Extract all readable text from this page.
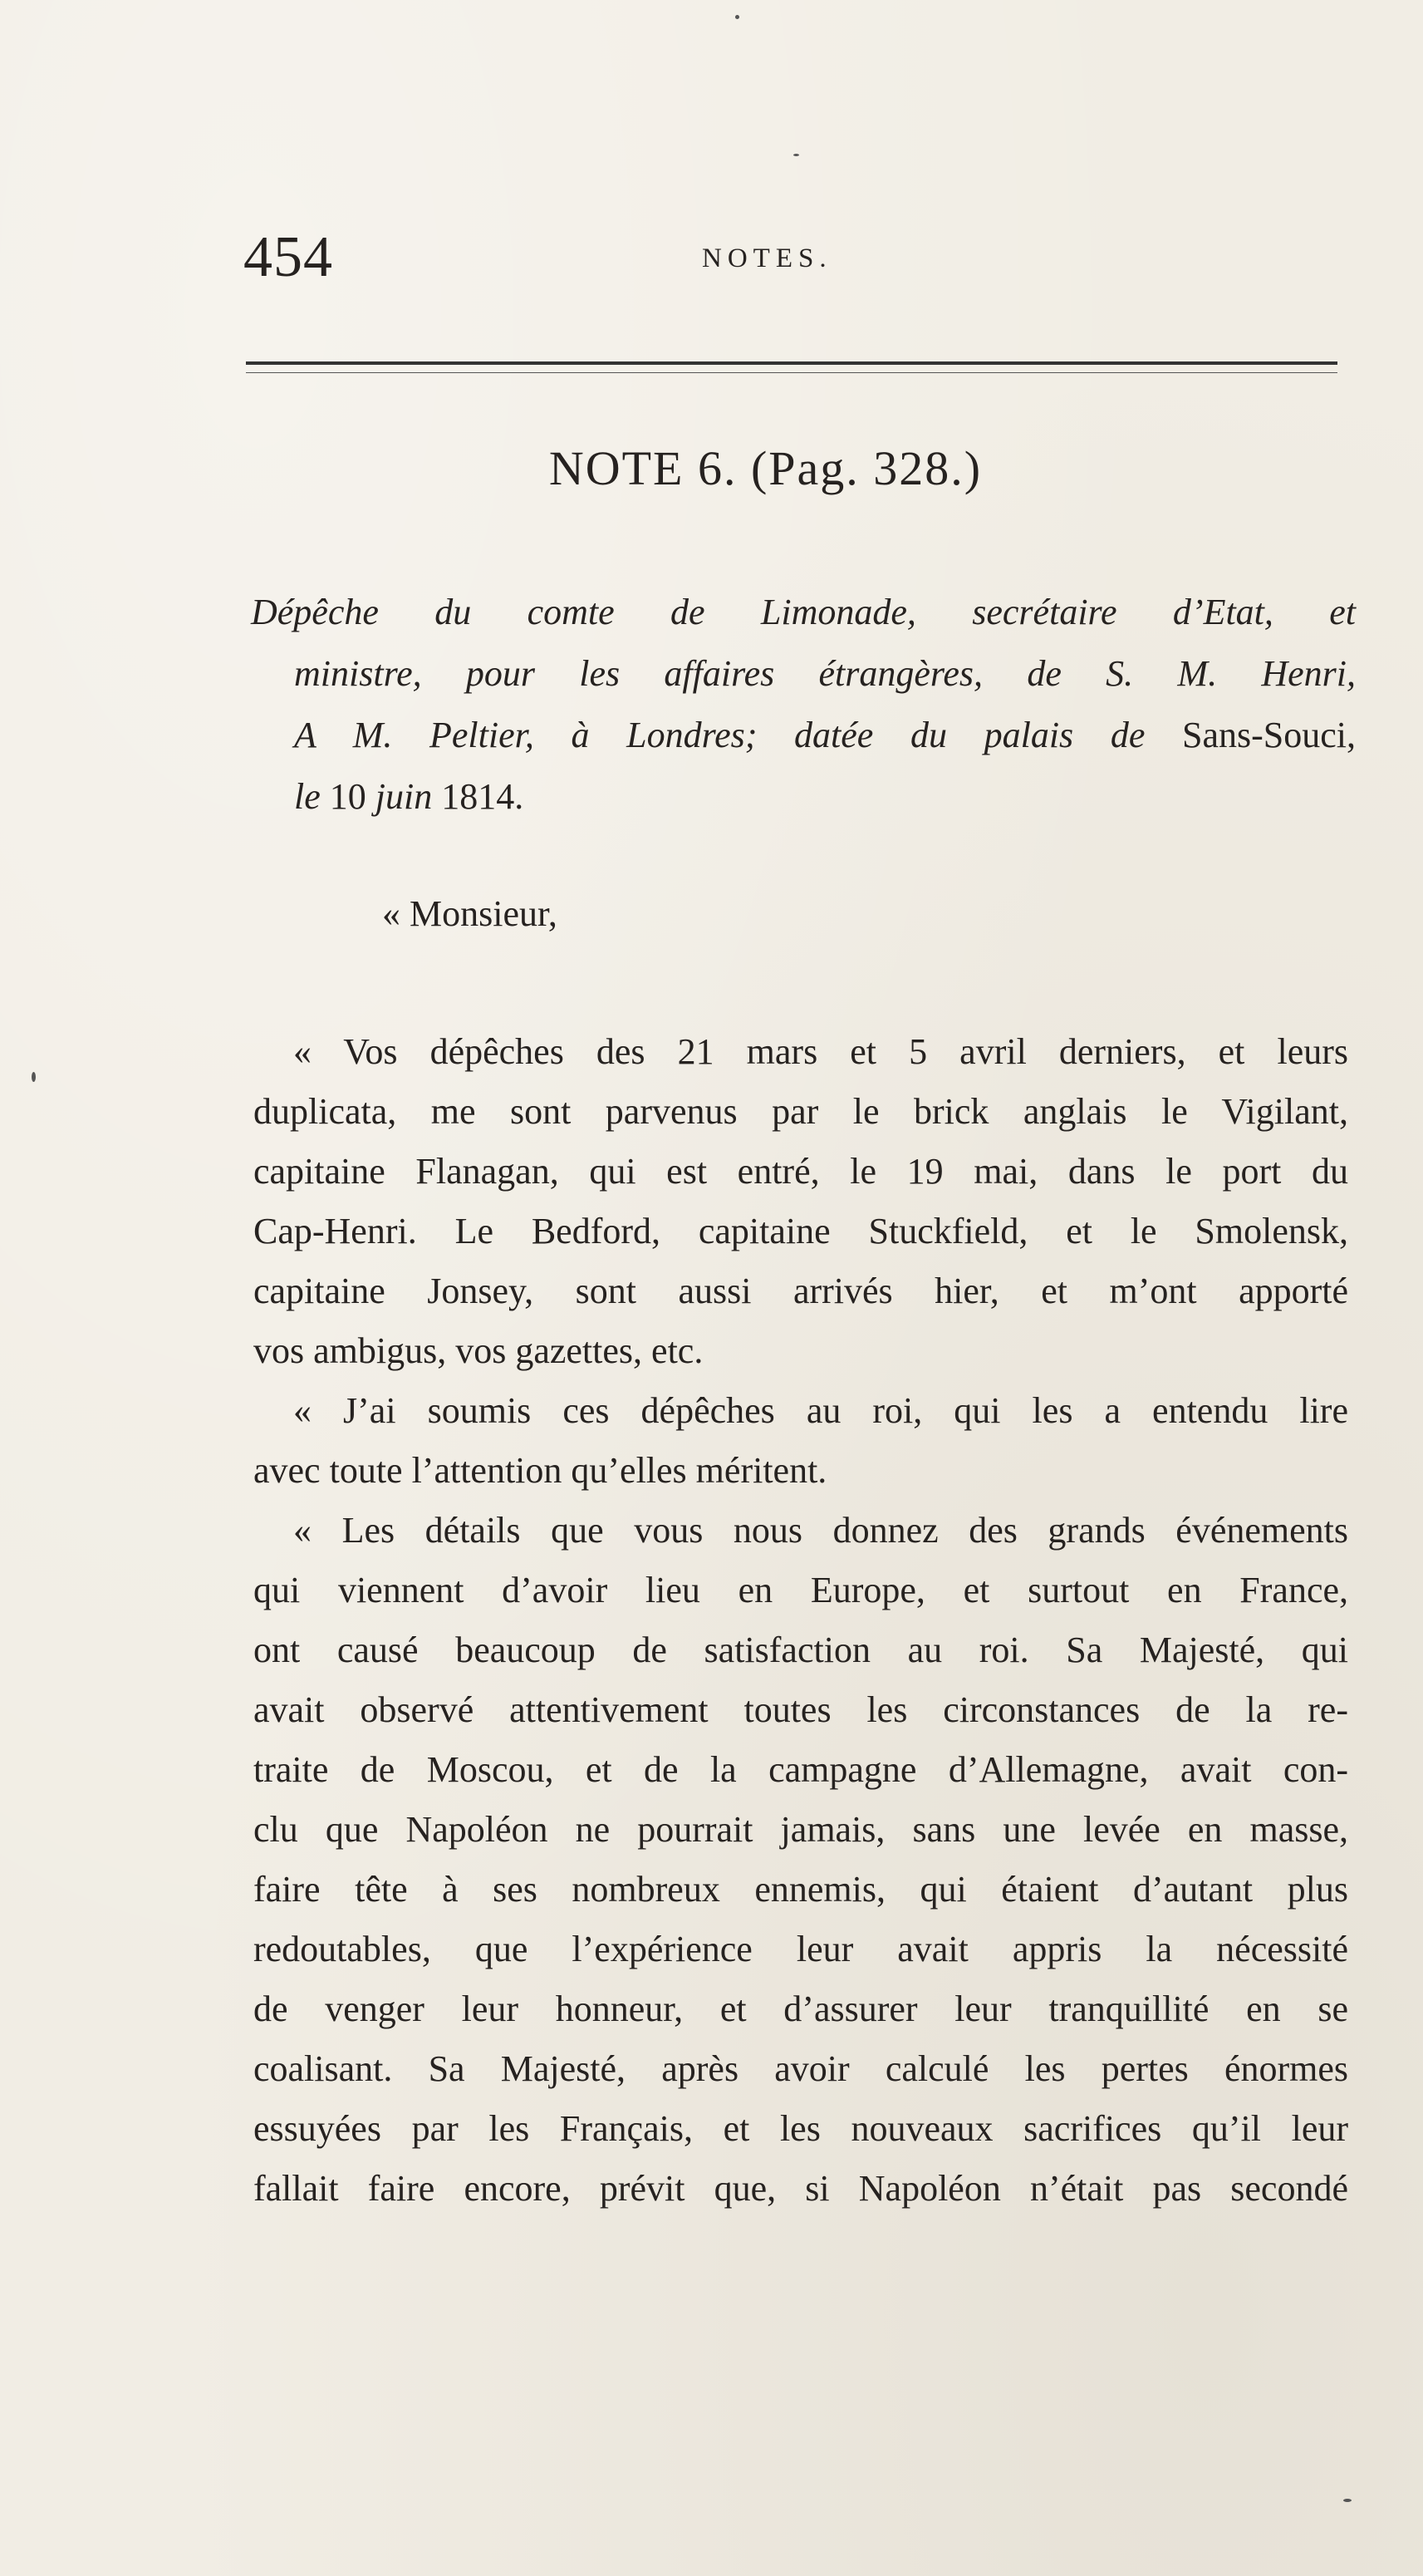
454	NOTES.
NOTE 6. (Pag. 328.)
Dépêche du comte de Limonade, secrétaire d’Etat, et
ministre, pour les affaires étrangères, de S. M. Henri,
A M. Peltier, à Londres; datée du palais de Sans-Souci,
le 10 juin 1814.
« Monsieur,
« Vos dépêches des 21 mars et 5 avril derniers, et leurs
duplicata, me sont parvenus par le brick anglais le Vigilant,
capitaine Flanagan, qui est entré, le 19 mai, dans le port du
Cap-Henri. Le Bedford, capitaine Stuckfield, et le Smolensk,
capitaine Jonsey, sont aussi arrivés hier, et m’ont apporté
vos ambigus, vos gazettes, etc.
« J’ai soumis ces dépêches au roi, qui les a entendu lire
avec toute l’attention qu’elles méritent.
« Les détails que vous nous donnez des grands événements
qui viennent d’avoir lieu en Europe, et surtout en France,
ont causé beaucoup de satisfaction au roi. Sa Majesté, qui
avait observé attentivement toutes les circonstances de la re-
traite de Moscou, et de la campagne d’Allemagne, avait con-
clu que Napoléon ne pourrait jamais, sans une levée en masse,
faire tête à ses nombreux ennemis, qui étaient d’autant plus
redoutables, que l’expérience leur avait appris la nécessité
de venger leur honneur, et d’assurer leur tranquillité en se
coalisant. Sa Majesté, après avoir calculé les pertes énormes
essuyées par les Français, et les nouveaux sacrifices qu’il leur
fallait faire encore, prévit que, si Napoléon n’était pas secondé
